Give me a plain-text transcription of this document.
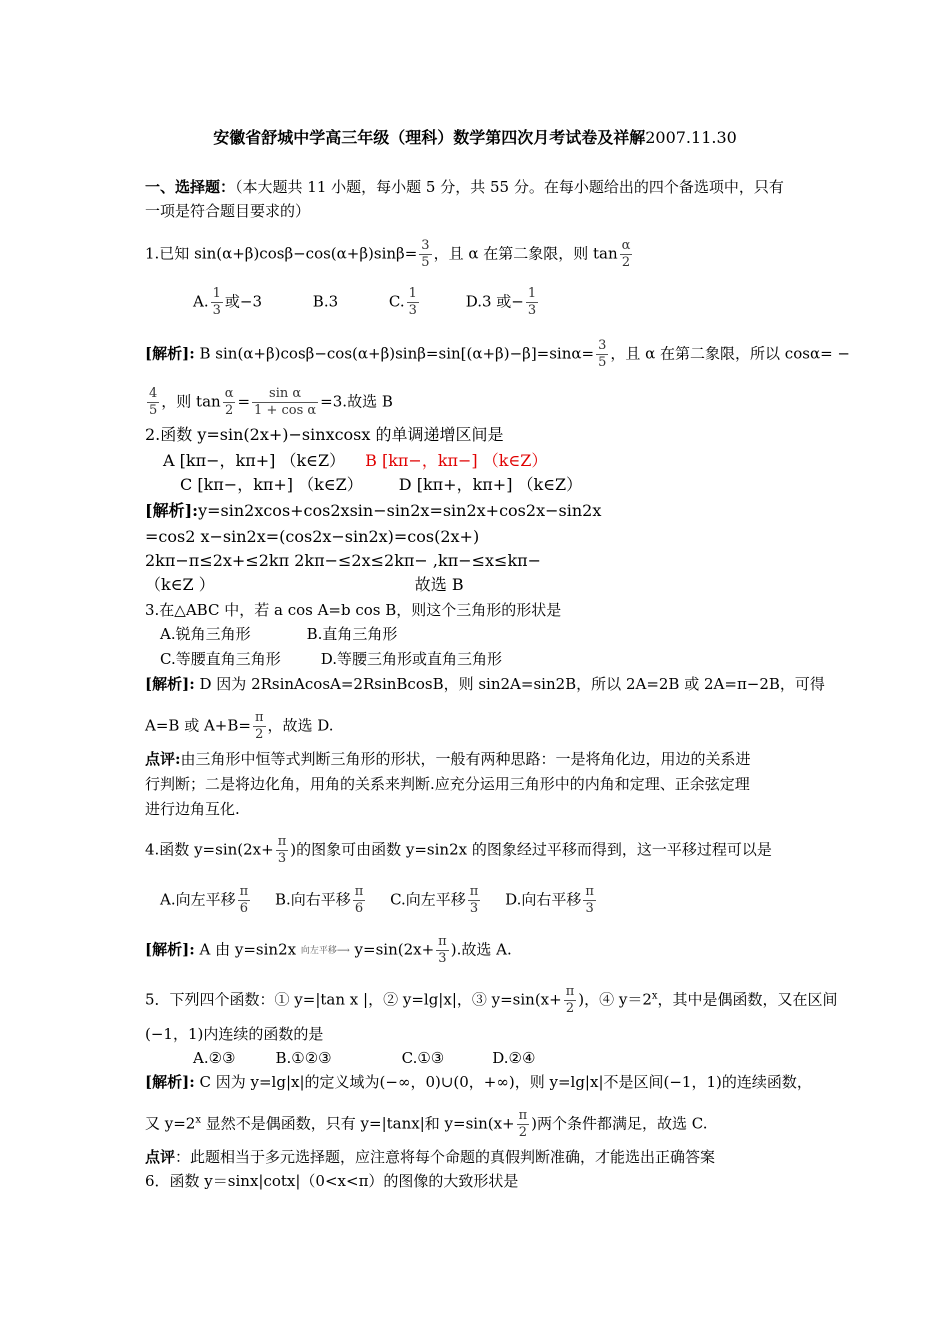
安徽省舒城中学高三年级（理科）数学第四次月考试卷及祥解2007.11.30
一、选择题：（本大题共 11 小题，每小题 5 分，共 55 分。在每小题给出的四个备选项中，只有
一项是符合题目要求的）
1.已知 $\sin(\alpha+\beta)\cos\beta-\cos(\alpha+\beta)\sin\beta= \frac{3}{5}$ ，且 α 在第二象限，则 $\tan \frac{\alpha}{2}$
A. $\frac{1}{3}$ 或−3	B.3	C. $\frac{1}{3}$	D.3 或− $\frac{1}{3}$
[解析]: B $\sin(\alpha+\beta)\cos\beta-\cos(\alpha+\beta)\sin\beta=\sin[(\alpha+\beta)-\beta]=\sin\alpha= \frac{3}{5}$ ，且 α 在第二象限，所以 cosα= −
$\frac{4}{5}$ ，则 $\tan \frac{\alpha}{2} = \frac{\text{sin α}}{\text{1 + cos α}} =3$.故选 B
2.函数 y=sin(2x+)−sinxcosx 的单调递增区间是
A [kπ−，kπ+] （k∈Z） B [kπ−，kπ−] （k∈Z）
C [kπ−，kπ+] （k∈Z） D [kπ+，kπ+] （k∈Z）
[解析]:y=sin2xcos+cos2xsin−sin2x=sin2x+cos2x−sin2x
=cos2 x−sin2x=(cos2x−sin2x)=cos(2x+)
2kπ−π≤2x+≤2kπ 2kπ−≤2x≤2kπ− ,kπ−≤x≤kπ−
（k∈Z ）	故选 B
3.在△ABC 中，若 a cos A=b cos B，则这个三角形的形状是
A.锐角三角形	B.直角三角形
C.等腰直角三角形	D.等腰三角形或直角三角形
[解析]: D 因为 2RsinAcosA=2RsinBcosB，则 sin2A=sin2B，所以 2A=2B 或 2A=π−2B，可得
A=B 或 $A+B= \frac{\pi}{2}$ ，故选 D.
点评:由三角形中恒等式判断三角形的形状，一般有两种思路：一是将角化边，用边的关系进
行判断；二是将边化角，用角的关系来判断.应充分运用三角形中的内角和定理、正余弦定理
进行边角互化.
4.函数 $y=\sin(2x+ \frac{\pi}{3}$ )的图象可由函数 y=sin2x 的图象经过平移而得到，这一平移过程可以是
A.向左平移 $\frac{\pi}{6} B$.向右平移 $\frac{\pi}{6} C$.向左平移 $\frac{\pi}{3} D$.向右平移 $\frac{\pi}{3}$
[解析]: A 由 y=sin2x 向左平移⟶ $y=\sin(2x+ \frac{\pi}{3}$ ).故选 A.
5．下列四个函数：① y=|tan x |，② y=lg|x|，③ $y=\sin(x+ \frac{\pi}{2}$ )，④ $y=2^x$，其中是偶函数，又在区间
(−1，1)内连续的函数的是
A.②③	B.①②③	C.①③	D.②④
[解析]: C 因为 y=lg|x|的定义域为(−∞，0)∪(0，+∞)，则 y=lg|x|不是区间(−1，1)的连续函数，
又 $y=2^x$ 显然不是偶函数，只有 y=|tanx|和 $y=\sin(x+ \frac{\pi}{2}$ )两个条件都满足，故选 C.
点评：此题相当于多元选择题，应注意将每个命题的真假判断准确，才能选出正确答案
6．函数 y＝sinx|cotx|（0<x<π）的图像的大致形状是
